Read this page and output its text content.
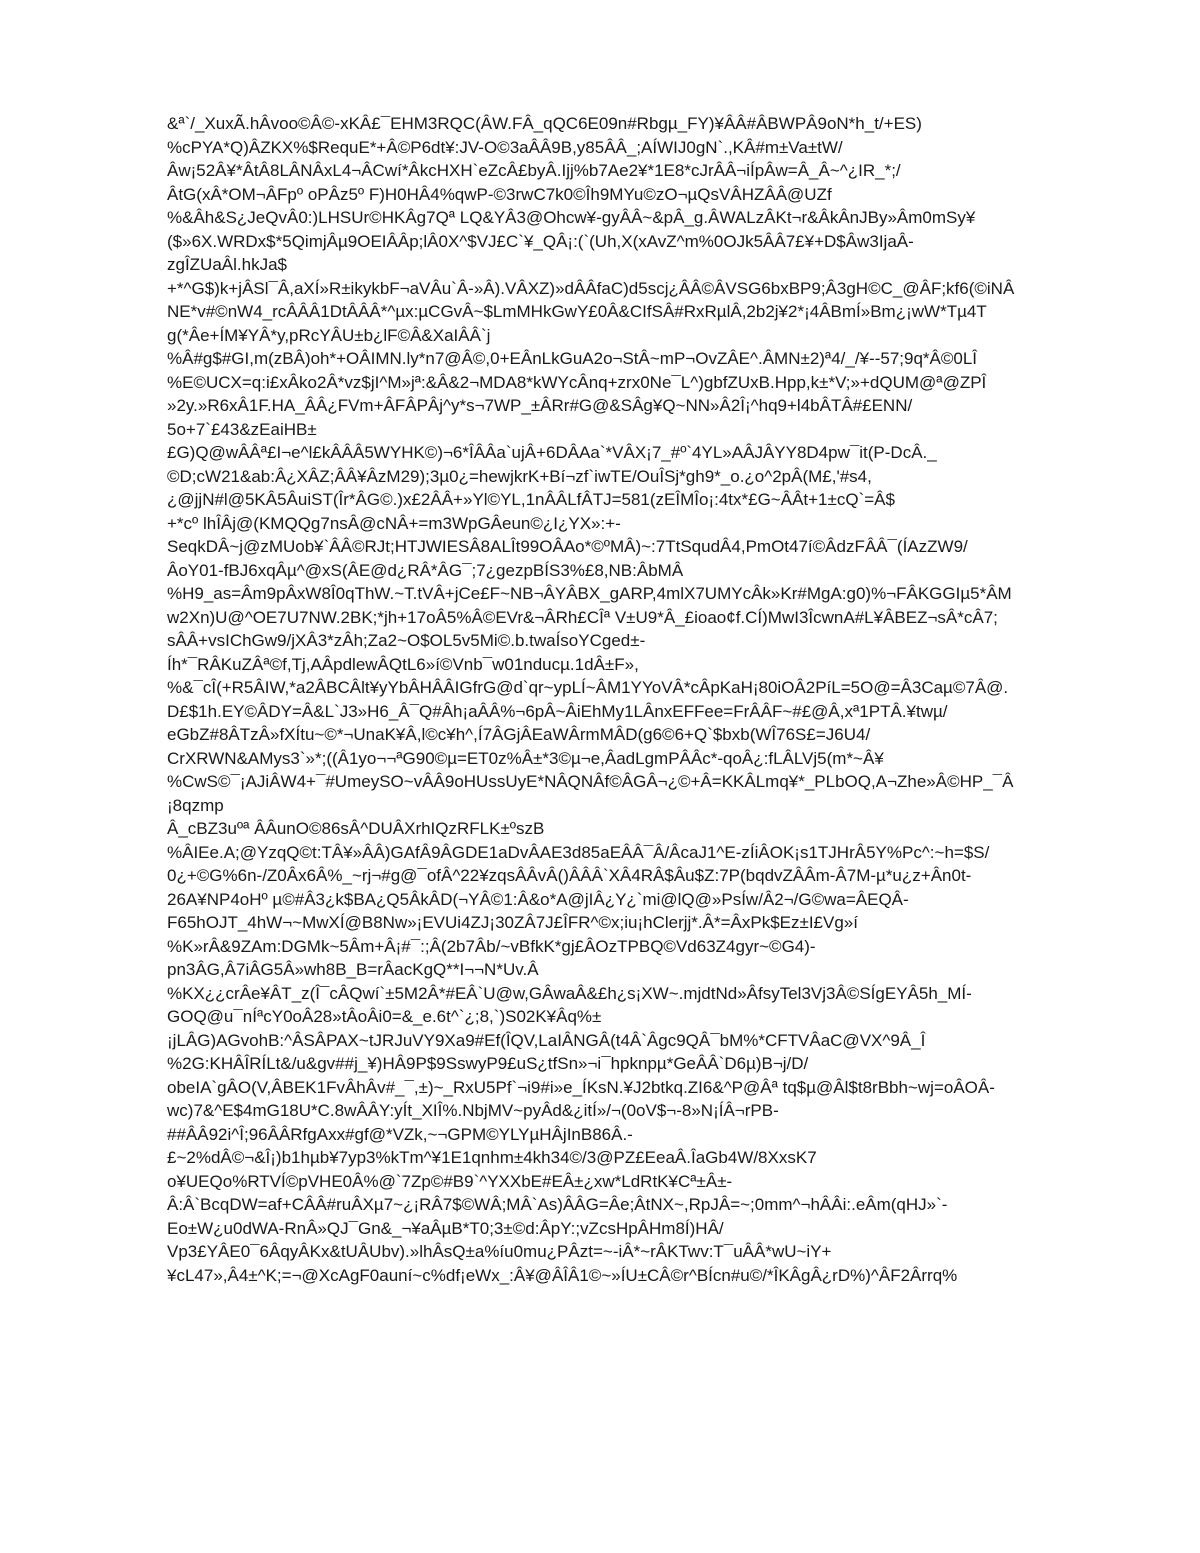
&ª`/_XuxÃ.hÂvoo©Â©-xKÂ£¯EHM3RQC(ÂW.FÂ_qQC6E09n#Rbgµ_FY)¥ÂÂ#ÂBWPÂ9oN*h_t/+ES)
%cPYA*Q)ÂZKX%$RequE*+Â©P6dt¥:JV-O©3aÂÂ9B,y85ÂÂ_;AÍWIJ0gN`.,KÂ#m±Va±tW/
Âw¡52Â¥*ÂtÂ8LÂNÂxL4¬ÂCwí*ÂkcHXH`eZcÂ£byÂ.Ijj%b7Ae2¥*1E8*cJrÂÂ¬iÍpÂw=Â_Â~^¿IR_*;/
ÂtG(xÂ*OM¬ÂFpº oPÂz5º F)H0HÂ4%qwP-©3rwC7k0©Îh9MYu©zO¬µQsVÂHZÂÂ@UZf
%&Âh&S¿JeQvÂ0:)LHSUr©HKÂg7Qª LQ&YÂ3@Ohcw¥-gyÂÂ~&pÂ_g.ÂWALzÂKt¬r&ÂkÂnJBy»Âm0mSy¥
($»6X.WRDx$*5QimjÂµ9OEIÂÂp;lÂ0X^$VJ£C`¥_QÂ¡:(`(Uh,X(xAvZ^m%0OJk5ÂÂ7£¥+D$Âw3IjaÂ-
zgÎZUaÂl.hkJa$
+*^G$)k+jÂSl¯Â,aXÍ»R±ikykbF¬aVÂu`Â-»Â).VÂXZ)»dÂÂfaC)d5scj¿ÂÂ©ÂVSG6bxBP9;Â3gH©C_@ÂF;kf6(©iNÂ
NE*v#©nW4_rcÂÂÂ1DtÂÂÂ*^µx:µCGvÂ~$LmMHkGwY£0Â&CIfSÂ#RxRµlÂ,2b2j¥2*¡4ÂBmÍ»Bm¿¡wW*Tµ4T
g(*Âe+ÍM¥YÂ*y,pRcYÂU±b¿lF©Â&XaIÂÂ`j
%Â#g$#GI,m(zBÂ)oh*+OÂIMN.ly*n7@Â©,0+EÂnLkGuA2o¬StÂ~mP¬OvZÂE^.ÂMN±2)ª4/_/¥--57;9q*Â©0LÎ
%E©UCX=q:i£xÂko2Â*vz$jI^M»jª:&Â&2¬MDA8*kWYcÂnq+zrx0Ne¯L^)gbfZUxB.Hpp,k±*V;»+dQUM@ª@ZPÎ
»2y.»R6xÂ1F.HA_ÂÂ¿FVm+ÂFÂPÂj^y*s¬7WP_±ÂRr#G@&SÂg¥Q~NN»Â2Î¡^hq9+l4bÂTÂ#£ENN/
5o+7`£43&zEaiHB±
£G)Q@wÂÂª£I¬e^l£kÂÂÂ5WYHK©)¬6*ÎÂÂa`ujÂ+6DÂAa`*VÂX¡7_#º`4YL»AÂJÂYY8D4pw¯it(P-DcÂ._
©D;cW21&ab:Â¿XÂZ;ÂÂ¥ÂzM29);3µ0¿=hewjkrK+Bí¬zf`iwTE/OuÎSj*gh9*_o.¿o^2pÂ(M£,'#s4,
¿@jjN#l@5KÂ5ÂuiST(Îr*ÂG©.)x£2ÂÂ+»Yl©YL,1nÂÂLfÂTJ=581(zEÎMÎo¡:4tx*£G~ÂÂt+1±cQ`=Â$
+*cº lhÎÂj@(KMQQg7nsÂ@cNÂ+=m3WpGÂeun©¿I¿YX»:+-
SeqkDÂ~j@zMUob¥`ÂÂ©RJt;HTJWIESÂ8ALÎt99OÂAo*©ºMÂ)~:7TtSqudÂ4,PmOt47í©ÂdzFÂÂ¯(ÍAzZW9/
ÂoY01-fBJ6xqÂµ^@xS(ÂE@d¿RÂ*ÂG¯;7¿gezpBÍS3%£8,NB:ÂbMÂ
%H9_as=Âm9pÂxW8Î0qThW.~T.tVÂ+jCe£F~NB¬ÂYÂBX_gARP,4mlX7UMYcÂk»Kr#MgA:g0)%¬FÂKGGIµ5*ÂM
w2Xn)U@^OE7U7NW.2BK;*jh+17oÂ5%Â©EVr&¬ÂRh£CÎª V±U9*Â_£ioao¢f.CÍ)MwI3ÎcwnA#L¥ÂBEZ¬sÂ*cÂ7;
sÂÂ+vsIChGw9/jXÂ3*zÂh;Za2~O$OL5v5Mi©.b.twaÍsoYCged±-
Íh*¯RÂKuZÂª©f,Tj,AÂpdlewÂQtL6»í©Vnb¯w01nducµ.1dÂ±F»,
%&¯cÎ(+R5ÂIW,*a2ÂBCÂlt¥yYbÂHÂÂIGfrG@d`qr~ypLÍ~ÂM1YYoVÂ*cÂpKaH¡80iOÂ2PíL=5O@=Â3Caµ©7Â@.
D£$1h.EY©ÂDY=Â&L`J3»H6_Â¯Q#Âh¡aÂÂ%¬6pÂ~ÂiEhMy1LÂnxEFFee=FrÂÂF~#£@Â,xª1PTÂ.¥twµ/
eGbZ#8ÂTzÂ»fXÍtu~©*¬UnaK¥Â,l©c¥h^,Í7ÂGjÂEaWÂrmMÂD(g6©6+Q`$bxb(WÎ76S£=J6U4/
CrXRWN&AMys3`»*;((Â1yo¬¬ªG90©µ=ET0z%Â±*3©µ¬e,ÂadLgmPÂÂc*-qoÂ¿:fLÂLVj5(m*~Â¥
%CwS©¯¡AJiÂW4+¯#UmeySO~vÂÂ9oHUssUyE*NÂQNÂf©ÂGÂ¬¿©+Â=KKÂLmq¥*_PLbOQ,A¬Zhe»Â©HP_¯Â
¡8qzmp
Â_cBZ3uºª ÂÂunO©86sÂ^DUÂXrhIQzRFLK±ºszB
%ÂIEe.A;@YzqQ©t:TÂ¥»ÂÂ)GAfÂ9ÂGDE1aDvÂAE3d85aEÂÂ¯Â/ÂcaJ1^E-zÍiÂOK¡s1TJHrÂ5Y%Pc^:~h=$S/
0¿+©G%6n-/Z0Âx6Â%_~rj¬#g@¯ofÂ^22¥zqsÂÂvÂ()ÂÂÂ`XÂ4RÂ$Âu$Z:7P(bqdvZÂÂm-Â7M-µ*u¿z+Ân0t-
26A¥NP4oHº µ©#Â3¿k$BA¿Q5ÂkÂD(¬YÂ©1:Â&o*A@jIÂ¿Y¿`mi@lQ@»PsÍw/Â2¬/G©wa=ÂEQÂ-
F65hOJT_4hW¬~MwXÍ@B8Nw»¡EVUi4ZJ¡30ZÂ7J£ÎFR^©x;iu¡hClerjj*.Â*=ÂxPk$Ez±I£Vg»í
%K»rÂ&9ZAm:DGMk~5Âm+Â¡#¯:;Â(2b7Âb/~vBfkK*gj£ÂOzTPBQ©Vd63Z4gyr~©G4)-
pn3ÂG,Â7iÂG5Â»wh8B_B=rÂacKgQ**I¬¬N*Uv.Â
%KX¿¿crÂe¥ÂT_z(Î¯cÂQwí`±5M2Â*#EÂ`U@w,GÂwaÂ&£h¿s¡XW~.mjdtNd»ÂfsyTel3Vj3Â©SÍgEYÂ5h_MÍ-
GOQ@u¯nÍªcY0oÂ28»tÂoÂi0=&_e.6t^`¿;8,`)S02K¥Âq%±
¡jLÂG)AGvohB:^ÂSÂPAX~tJRJuVY9Xa9#Ef(ÎQV,LaIÂNGÂ(t4Â`Âgc9QÂ¯bM%*CFTVÂaC@VX^9Â_Î
%2G:KHÂÎRÍLt&/u&gv##j_¥)HÂ9P$9SswyP9£uS¿tfSn»¬i¯hpknpµ*GeÂÂ`D6µ)B¬j/D/
obeIA`gÂO(V,ÂBEK1FvÂhÂv#_¯,±)~_RxU5Pf`¬i9#i»e_ÍKsN.¥J2btkq.ZI6&^P@Âª tq$µ@Âl$t8rBbh~wj=oÂOÂ-
wc)7&^E$4mG18U*C.8wÂÂY:yÍt_XIÎ%.NbjMV~pyÂd&¿itÍ»/¬(0oV$¬-8»N¡ÍÂ¬rPB-
##ÂÂ92i^Î;96ÂÂRfgAxx#gf@*VZk,~¬GPM©YLYµHÂjInB86Â.-
£~2%dÂ©¬&Î¡)b1hµb¥7yp3%kTm^¥1E1qnhm±4kh34©/3@PZ£EeaÂ.ÎaGb4W/8XxsK7
o¥UEQo%RTVÍ©pVHE0Â%@`7Zp©#B9`^YXXbE#EÂ±¿xw*LdRtK¥Cª±Â±-
Â:Â`BcqDW=af+CÂÂ#ruÂXµ7~¿¡RÂ7$©WÂ;MÂ`As)ÂÂG=Âe;ÂtNX~,RpJÂ=~;0mm^¬hÂÂi:.eÂm(qHJ»`-
Eo±W¿u0dWA-RnÂ»QJ¯Gn&_¬¥aÂµB*T0;3±©d:ÂpY:;vZcsHpÂHm8Í)HÂ/
Vp3£YÂE0¯6ÂqyÂKx&tUÂUbv).»lhÂsQ±a%íu0mu¿PÂzt=~-iÂ*~rÂKTwv:T¯uÂÂ*wU~iY+
¥cL47»,Â4±^K;=¬@XcAgF0auní~c%df¡eWx_:Â¥@ÂÎÂ1©~»ÍU±CÂ©r^BÍcn#u©/*ÎKÂgÂ¿rD%)^ÂF2Ârrq%
